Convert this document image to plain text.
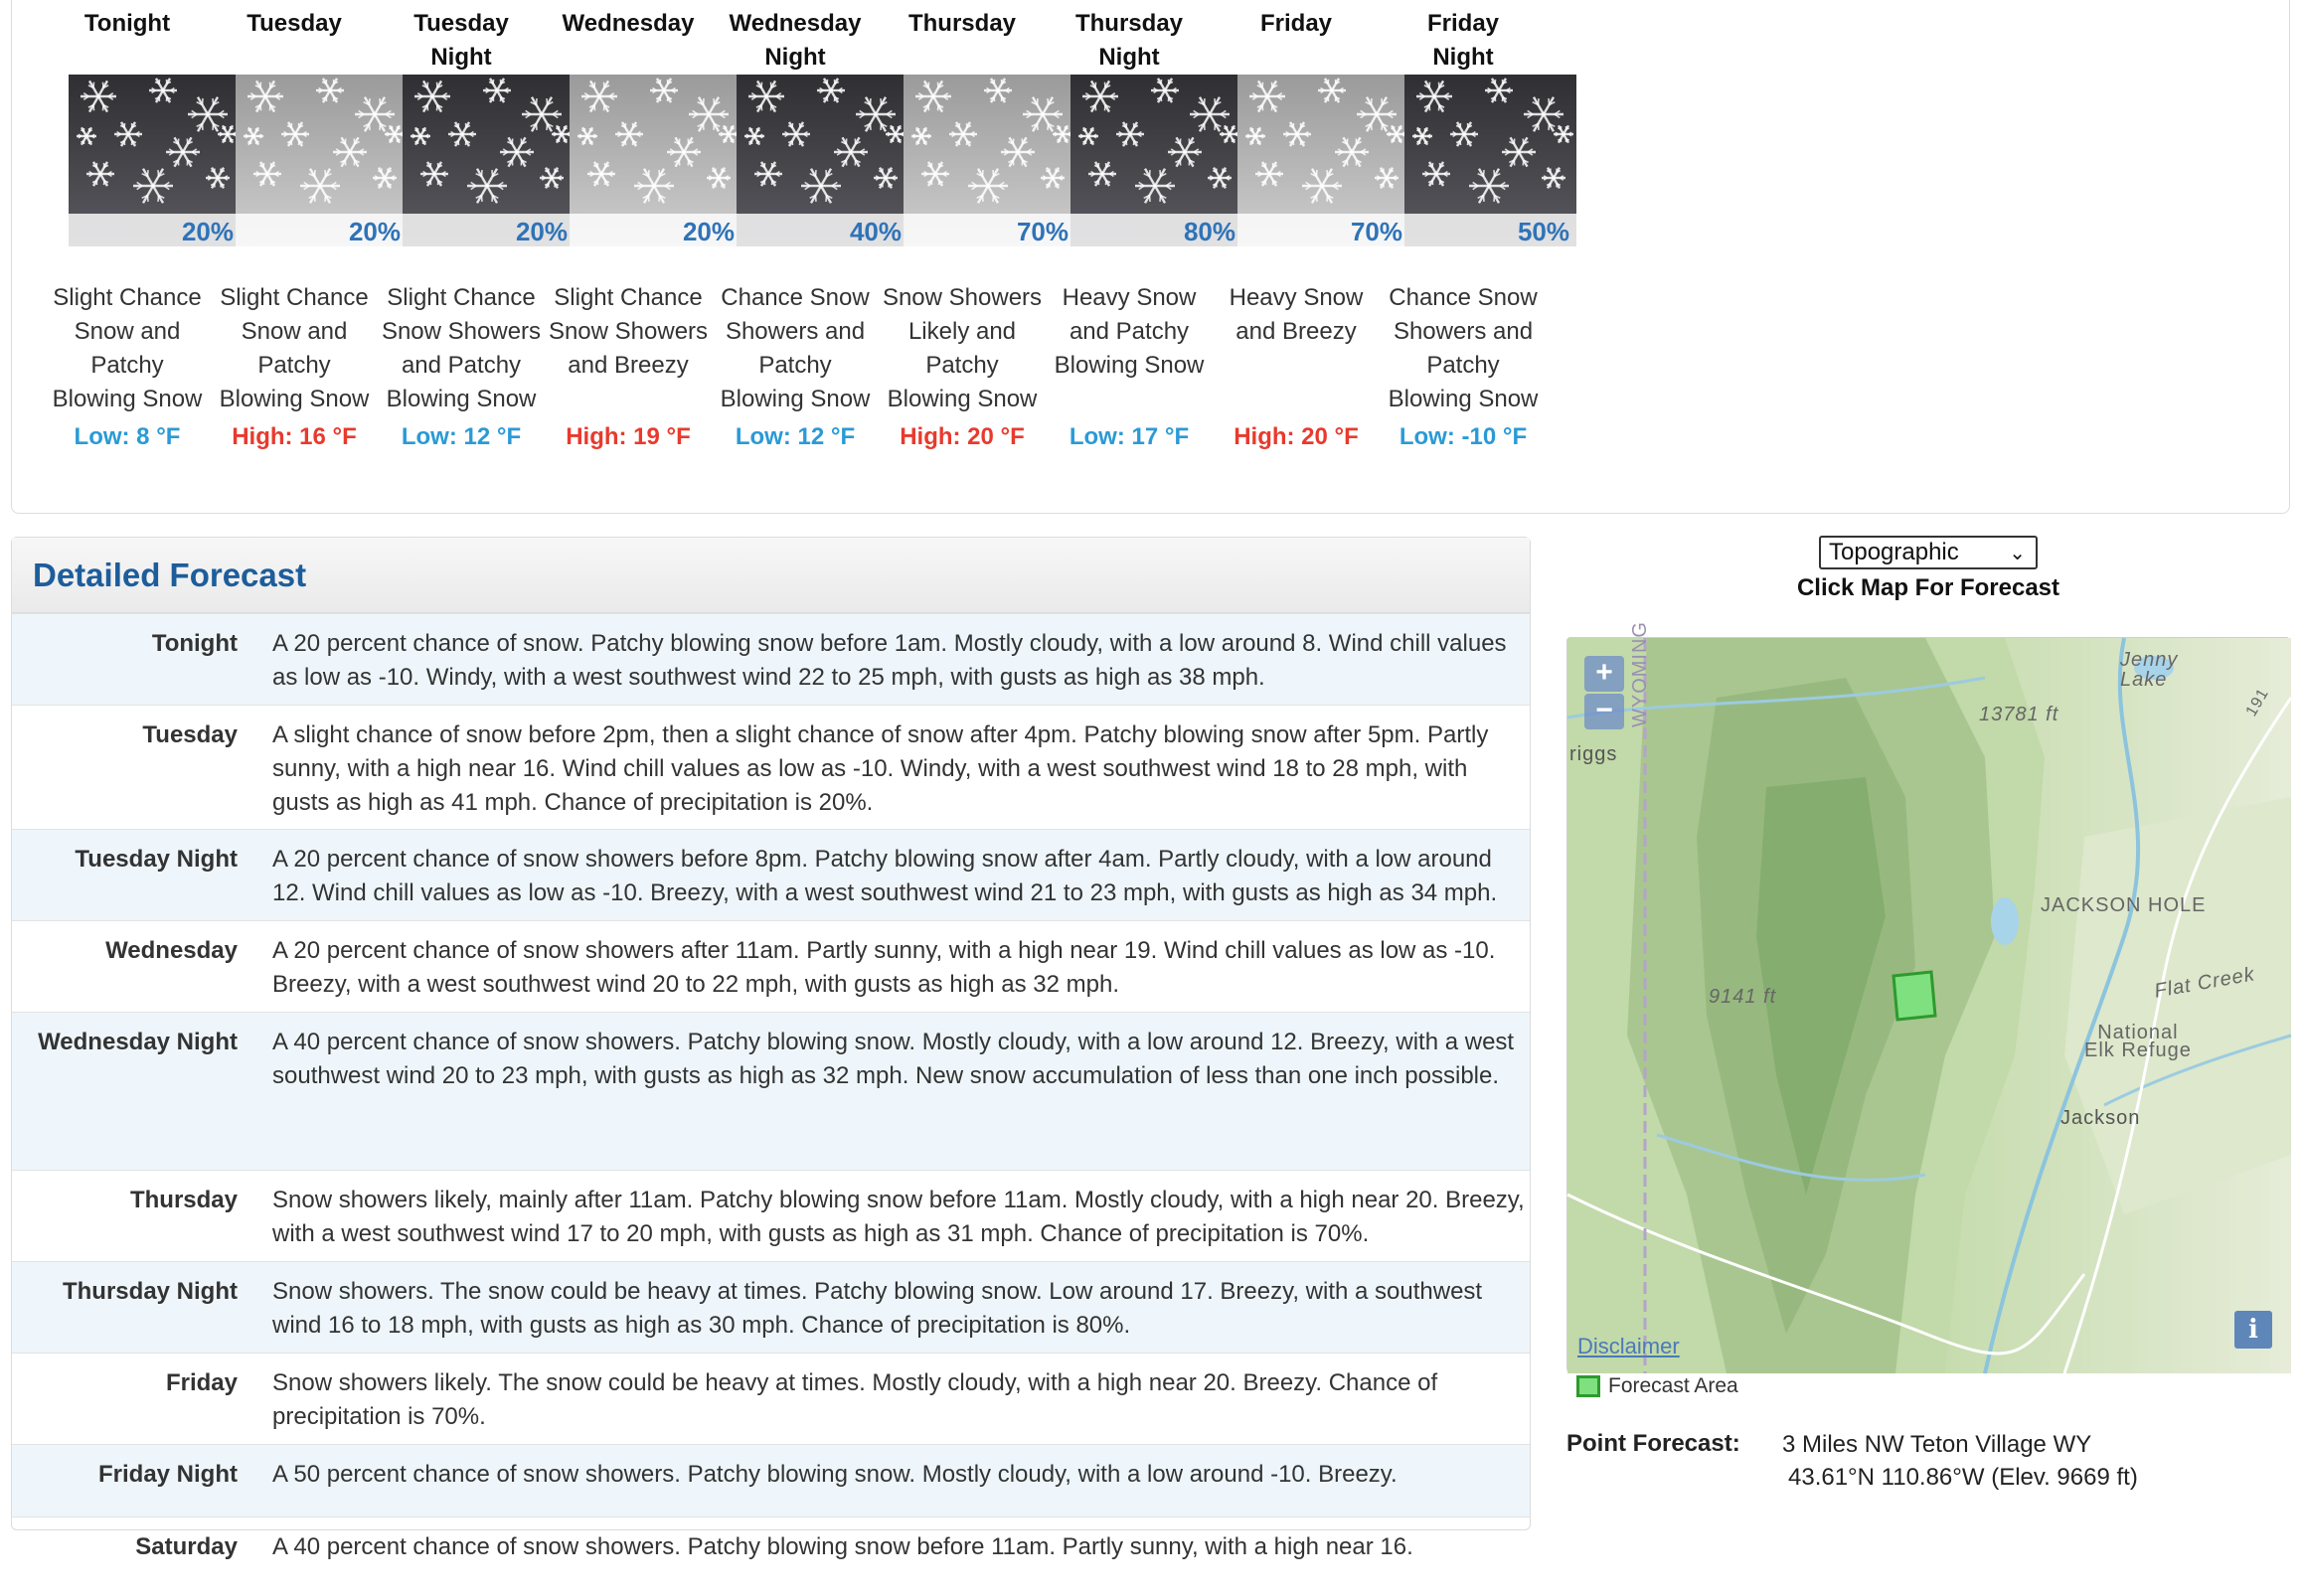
Tonight
20%
Slight Chance
Snow and
Patchy
Blowing Snow
Low: 8 °F
Tuesday
20%
Slight Chance
Snow and
Patchy
Blowing Snow
High: 16 °F
Tuesday
Night
20%
Slight Chance
Snow Showers
and Patchy
Blowing Snow
Low: 12 °F
Wednesday
20%
Slight Chance
Snow Showers
and Breezy
High: 19 °F
Wednesday
Night
40%
Chance Snow
Showers and
Patchy
Blowing Snow
Low: 12 °F
Thursday
70%
Snow Showers
Likely and
Patchy
Blowing Snow
High: 20 °F
Thursday
Night
80%
Heavy Snow
and Patchy
Blowing Snow
Low: 17 °F
Friday
70%
Heavy Snow
and Breezy
High: 20 °F
Friday
Night
50%
Chance Snow
Showers and
Patchy
Blowing Snow
Low: -10 °F
Detailed Forecast
Tonight A 20 percent chance of snow. Patchy blowing snow before 1am. Mostly cloudy, with a low around 8. Wind chill values as low as -10. Windy, with a west southwest wind 22 to 25 mph, with gusts as high as 38 mph.
Tuesday A slight chance of snow before 2pm, then a slight chance of snow after 4pm. Patchy blowing snow after 5pm. Partly sunny, with a high near 16. Wind chill values as low as -10. Windy, with a west southwest wind 18 to 28 mph, with gusts as high as 41 mph. Chance of precipitation is 20%.
Tuesday Night A 20 percent chance of snow showers before 8pm. Patchy blowing snow after 4am. Partly cloudy, with a low around 12. Wind chill values as low as -10. Breezy, with a west southwest wind 21 to 23 mph, with gusts as high as 34 mph.
Wednesday A 20 percent chance of snow showers after 11am. Partly sunny, with a high near 19. Wind chill values as low as -10. Breezy, with a west southwest wind 20 to 22 mph, with gusts as high as 32 mph.
Wednesday Night A 40 percent chance of snow showers. Patchy blowing snow. Mostly cloudy, with a low around 12. Breezy, with a west southwest wind 20 to 23 mph, with gusts as high as 32 mph. New snow accumulation of less than one inch possible.
Thursday Snow showers likely, mainly after 11am. Patchy blowing snow before 11am. Mostly cloudy, with a high near 20. Breezy, with a west southwest wind 17 to 20 mph, with gusts as high as 31 mph. Chance of precipitation is 70%.
Thursday Night Snow showers. The snow could be heavy at times. Patchy blowing snow. Low around 17. Breezy, with a southwest wind 16 to 18 mph, with gusts as high as 30 mph. Chance of precipitation is 80%.
Friday Snow showers likely. The snow could be heavy at times. Mostly cloudy, with a high near 20. Breezy. Chance of precipitation is 70%.
Friday Night A 50 percent chance of snow showers. Patchy blowing snow. Mostly cloudy, with a low around -10. Breezy.
Saturday A 40 percent chance of snow showers. Patchy blowing snow before 11am. Partly sunny, with a high near 16.
Topographic	⌄
Click Map For Forecast
+
− WYOMING
riggs
Jenny
Lake
13781 ft
9141 ft
JACKSON HOLE
Flat Creek
National
Elk Refuge
Jackson
191
Disclaimer
i
Forecast Area
Point Forecast: 3 Miles NW Teton Village WY
43.61°N 110.86°W (Elev. 9669 ft)
